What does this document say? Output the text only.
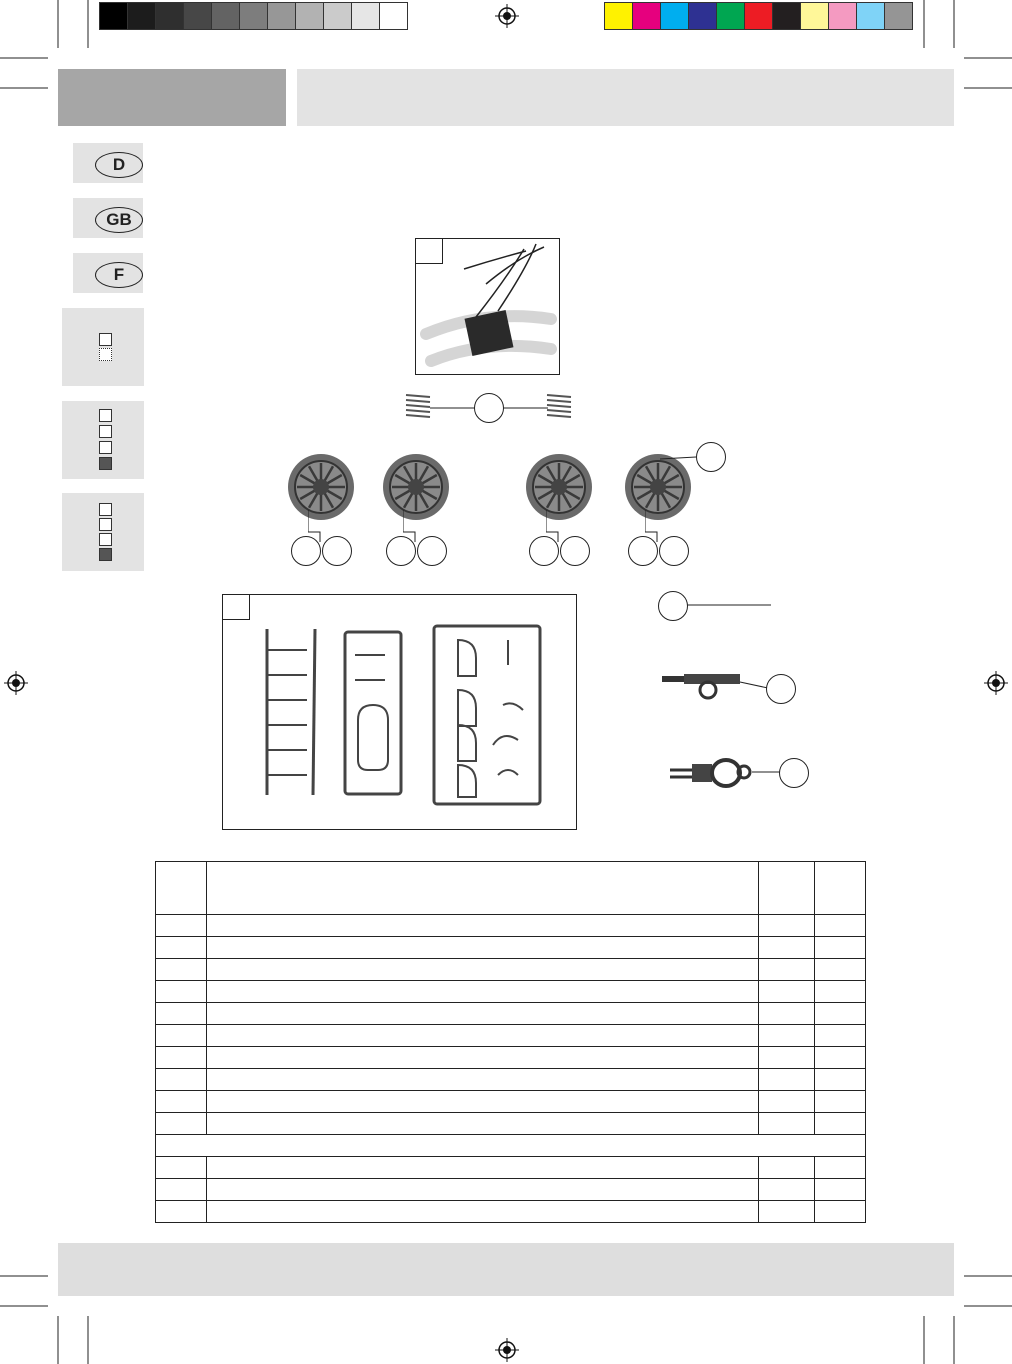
D
GB
F
